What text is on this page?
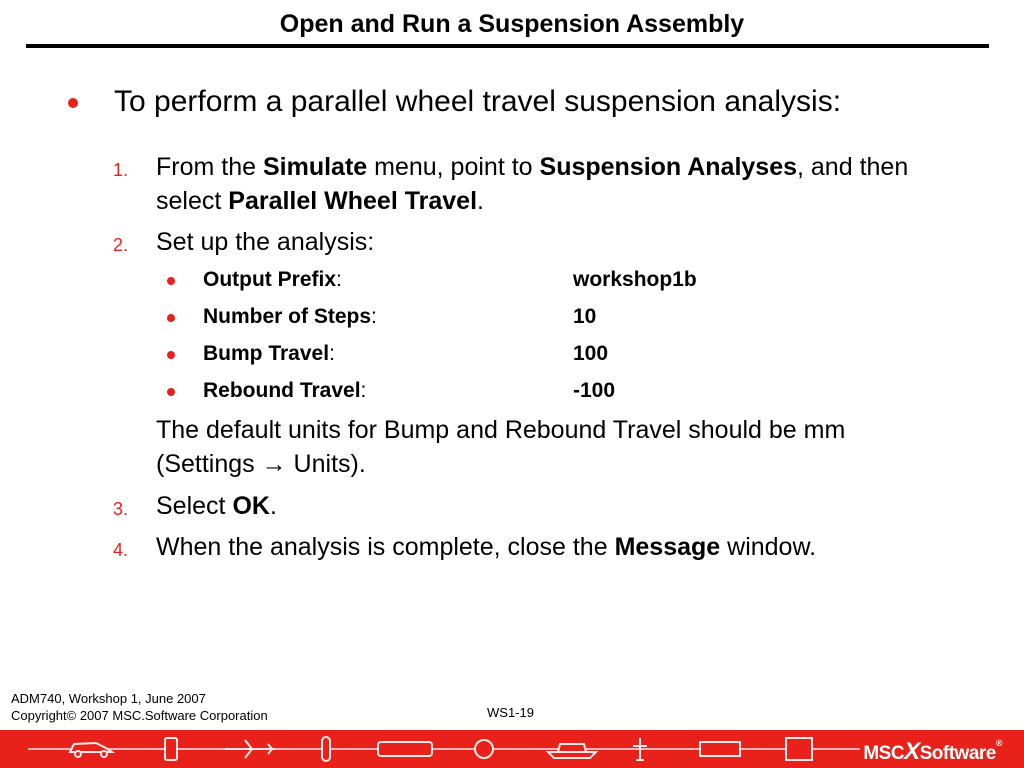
Open and Run a Suspension Assembly
To perform a parallel wheel travel suspension analysis:
1. From the Simulate menu, point to Suspension Analyses, and then select Parallel Wheel Travel.
2. Set up the analysis:
Output Prefix:	workshop1b
Number of Steps:	10
Bump Travel:	100
Rebound Travel:	-100
The default units for Bump and Rebound Travel should be mm
(Settings → Units).
3. Select OK.
4. When the analysis is complete, close the Message window.
ADM740, Workshop 1, June 2007
Copyright© 2007 MSC.Software Corporation	WS1-19
MSCXSoftware®
